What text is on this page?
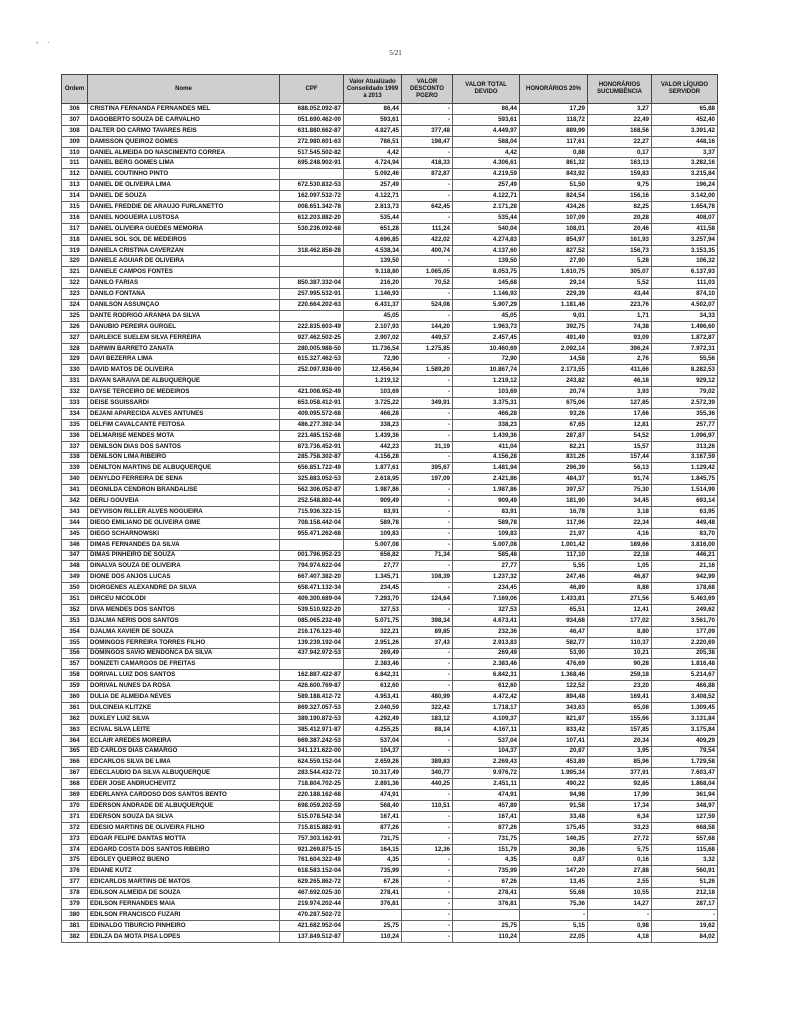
5/21
- ·
Ordem	Nome	CPF	Valor Atualizado Consolidado 1999 à 2013	VALOR DESCONTO PGERO	VALOR TOTAL DEVIDO	HONORÁRIOS 20%	HONORÁRIOS SUCUMBÊNCIA	VALOR LÍQUIDO SERVIDOR
306	CRISTINA FERNANDA FERNANDES MEL	688.052.092-87	86,44	-	86,44	17,29	3,27	65,88
307	DAGOBERTO SOUZA DE CARVALHO	051.690.462-00	593,61	-	593,61	118,72	22,49	452,40
308	DALTER DO CARMO TAVARES REIS	631.880.662-87	4.827,45	377,48	4.449,97	889,99	168,56	3.391,42
309	DAMISSON QUEIROZ GOMES	272.980.601-63	786,51	198,47	588,04	117,61	22,27	448,16
310	DANIEL ALMEIDA DO NASCIMENTO CORREA	517.545.502-82	4,42	-	4,42	0,88	0,17	3,37
311	DANIEL BERG GOMES LIMA	695.248.902-91	4.724,94	418,33	4.306,61	861,32	163,13	3.282,16
312	DANIEL COUTINHO PINTO		5.092,46	872,87	4.219,59	843,92	159,83	3.215,84
313	DANIEL DE OLIVEIRA LIMA	672.530.832-53	257,49	-	257,49	51,50	9,75	196,24
314	DANIEL DE SOUZA	162.097.532-72	4.122,71	-	4.122,71	824,54	156,16	3.142,00
315	DANIEL FREDDIE DE ARAUJO FURLANETTO	008.651.342-78	2.813,73	642,45	2.171,28	434,26	82,25	1.654,78
316	DANIEL NOGUEIRA LUSTOSA	612.203.882-20	535,44	-	535,44	107,09	20,28	408,07
317	DANIEL OLIVEIRA GUEDES MEMORIA	530.236.092-68	651,28	111,24	540,04	108,01	20,46	411,58
318	DANIEL SOL SOL DE MEDEIROS		4.696,85	422,02	4.274,83	854,97	161,93	3.257,94
319	DANIELA CRISTINA CAVERZAN	318.462.858-28	4.538,34	400,74	4.137,60	827,52	156,73	3.153,35
320	DANIELE AGUIAR DE OLIVEIRA		139,50	-	139,50	27,90	5,28	106,32
321	DANIELE CAMPOS FONTES		9.118,80	1.065,05	8.053,75	1.610,75	305,07	6.137,93
322	DANILO FARIAS	850.387.332-04	216,20	70,52	145,68	29,14	5,52	111,03
323	DANILO FONTANA	257.995.532-91	1.146,93	-	1.146,93	229,39	43,44	874,10
324	DANILSON ASSUNÇAO	220.664.202-63	6.431,37	524,08	5.907,29	1.181,46	223,76	4.502,07
325	DANTE RODRIGO ARANHA DA SILVA		45,05	-	45,05	9,01	1,71	34,33
326	DANUBIO PEREIRA GURGEL	222.835.603-49	2.107,93	144,20	1.963,73	392,75	74,38	1.496,60
327	DARLEICE SUELEM SILVA FERREIRA	927.462.502-25	2.907,02	449,57	2.457,45	491,49	93,09	1.872,87
328	DARWIN BARRETO ZANATA	280.005.988-50	11.736,54	1.275,85	10.460,69	2.092,14	396,24	7.972,31
329	DAVI BEZERRA LIMA	615.327.462-53	72,90	-	72,90	14,58	2,76	55,56
330	DAVID MATOS DE OLIVEIRA	252.097.938-00	12.456,94	1.589,20	10.867,74	2.173,55	411,66	8.282,53
331	DAYAN SARAIVA DE ALBUQUERQUE		1.219,12	-	1.219,12	243,82	46,18	929,12
332	DAYSE TERCEIRO DE MEDEIROS	421.008.952-49	103,69	-	103,69	20,74	3,93	79,02
333	DEISE SGUISSARDI	653.058.412-91	3.725,22	349,91	3.375,31	675,06	127,85	2.572,39
334	DEJANI APARECIDA ALVES ANTUNES	409.095.572-68	466,28	-	466,28	93,26	17,66	355,36
335	DELFIM CAVALCANTE FEITOSA	486.277.392-34	338,23	-	338,23	67,65	12,81	257,77
336	DELMARISE MENDES MOTA	221.485.152-68	1.439,36	-	1.439,36	287,87	54,52	1.096,97
337	DENILSON DIAS DOS SANTOS	873.736.452-91	442,23	31,19	411,04	82,21	15,57	313,26
338	DENILSON LIMA RIBEIRO	285.758.302-87	4.156,28	-	4.156,28	831,26	157,44	3.167,59
339	DENILTON MARTINS DE ALBUQUERQUE	656.851.722-49	1.877,61	395,67	1.481,94	296,39	56,13	1.129,42
340	DENYLDO FERREIRA DE SENA	325.883.052-53	2.618,95	197,09	2.421,86	484,37	91,74	1.845,75
341	DEONILDA CENDRON BRANDALISE	562.306.052-87	1.987,86	-	1.987,86	397,57	75,30	1.514,99
342	DERLI GOUVEIA	252.548.802-44	909,49	-	909,49	181,90	34,45	693,14
343	DEYVISON RILLER ALVES NOGUEIRA	715.936.322-15	83,91	-	83,91	16,78	3,18	63,95
344	DIEGO EMILIANO DE OLIVEIRA GIME	708.158.442-04	589,78	-	589,78	117,96	22,34	449,48
345	DIEGO SCHARNOWSKI	955.471.262-68	109,83	-	109,83	21,97	4,16	83,70
346	DIMAS FERNANDES DA SILVA		5.007,08	-	5.007,08	1.001,42	189,66	3.816,00
347	DIMAS PINHEIRO DE SOUZA	001.796.952-23	656,82	71,34	585,48	117,10	22,18	446,21
348	DINALVA SOUZA DE OLIVEIRA	794.974.622-04	27,77	-	27,77	5,55	1,05	21,16
349	DIONE DOS ANJOS LUCAS	667.407.382-20	1.345,71	108,39	1.237,32	247,46	46,87	942,99
350	DIORGENES ALEXANDRE DA SILVA	658.471.132-34	234,45	-	234,45	46,89	8,88	178,68
351	DIRCEU NICOLODI	409.300.689-04	7.293,70	124,64	7.169,06	1.433,81	271,56	5.463,69
352	DIVA MENDES DOS SANTOS	539.510.922-20	327,53	-	327,53	65,51	12,41	249,62
353	DJALMA NERIS DOS SANTOS	085.065.232-49	5.071,75	398,34	4.673,41	934,68	177,02	3.561,70
354	DJALMA XAVIER DE SOUZA	216.176.123-40	322,21	89,85	232,36	46,47	8,80	177,09
355	DOMINGOS FERREIRA TORRES FILHO	139.239.192-04	2.951,26	37,43	2.913,83	582,77	110,37	2.220,69
356	DOMINGOS SAVIO MENDONCA DA SILVA	437.942.972-53	269,49	-	269,49	53,90	10,21	205,38
357	DONIZETI CAMARGOS DE FREITAS		2.383,46	-	2.383,46	476,69	90,28	1.816,48
358	DORIVAL LUIZ DOS SANTOS	162.887.422-87	6.842,31	-	6.842,31	1.368,46	259,18	5.214,67
359	DORIVAL NUNES DA ROSA	426.600.769-87	612,60	-	612,60	122,52	23,20	466,88
360	DULIA DE ALMEIDA NEVES	589.188.412-72	4.953,41	480,99	4.472,42	894,48	169,41	3.408,52
361	DULCINEIA KLITZKE	869.327.057-53	2.040,59	322,42	1.718,17	343,63	65,08	1.309,45
362	DUXLEY LUIZ SILVA	389.190.872-53	4.292,49	183,12	4.109,37	821,87	155,66	3.131,84
363	ECIVAL SILVA LEITE	385.412.971-87	4.255,25	88,14	4.167,11	833,42	157,85	3.175,84
364	ECLAIR AREDES MOREIRA	669.387.242-53	537,04	-	537,04	107,41	20,34	409,29
365	ED CARLOS DIAS CAMARGO	341.121.622-00	104,37	-	104,37	20,87	3,95	79,54
366	EDCARLOS SILVA DE LIMA	624.559.152-04	2.659,26	389,83	2.269,43	453,89	85,96	1.729,58
367	EDECLAUDIO DA SILVA ALBUQUERQUE	283.544.432-72	10.317,49	340,77	9.976,72	1.995,34	377,91	7.603,47
368	EDER JOSE ANDRUCHEVITZ	718.804.702-25	2.891,36	440,25	2.451,11	490,22	92,85	1.868,04
369	EDERLANYA CARDOSO DOS SANTOS BENTO	220.188.162-68	474,91	-	474,91	94,98	17,99	361,94
370	EDERSON ANDRADE DE ALBUQUERQUE	698.059.202-59	568,40	110,51	457,89	91,58	17,34	348,97
371	EDERSON SOUZA DA SILVA	515.078.542-34	167,41	-	167,41	33,48	6,34	127,59
372	EDESIO MARTINS DE OLIVEIRA FILHO	715.815.882-91	877,26	-	877,26	175,45	33,23	668,58
373	EDGAR FELIPE DANTAS MOTTA	757.303.162-91	731,75	-	731,75	146,35	27,72	557,68
374	EDGARD COSTA DOS SANTOS RIBEIRO	921.269.875-15	164,15	12,36	151,79	30,36	5,75	115,68
375	EDGLEY QUEIROZ BUENO	761.604.322-49	4,35	-	4,35	0,87	0,16	3,32
376	EDIANE KUTZ	618.583.152-04	735,99	-	735,99	147,20	27,88	560,91
377	EDICARLOS MARTINS DE MATOS	629.265.862-72	67,26	-	67,26	13,45	2,55	51,26
378	EDILSON ALMEIDA DE SOUZA	467.692.025-30	278,41	-	278,41	55,68	10,55	212,18
379	EDILSON FERNANDES MAIA	219.974.202-44	376,81	-	376,81	75,36	14,27	287,17
380	EDILSON FRANCISCO FUZARI	470.287.502-72		-		-	-	-
381	EDINALDO TIBURCIO PINHEIRO	421.682.952-04	25,75	-	25,75	5,15	0,98	19,62
382	EDILZA DA MOTA PISA LOPES	137.849.512-87	110,24	-	110,24	22,05	4,18	84,02
